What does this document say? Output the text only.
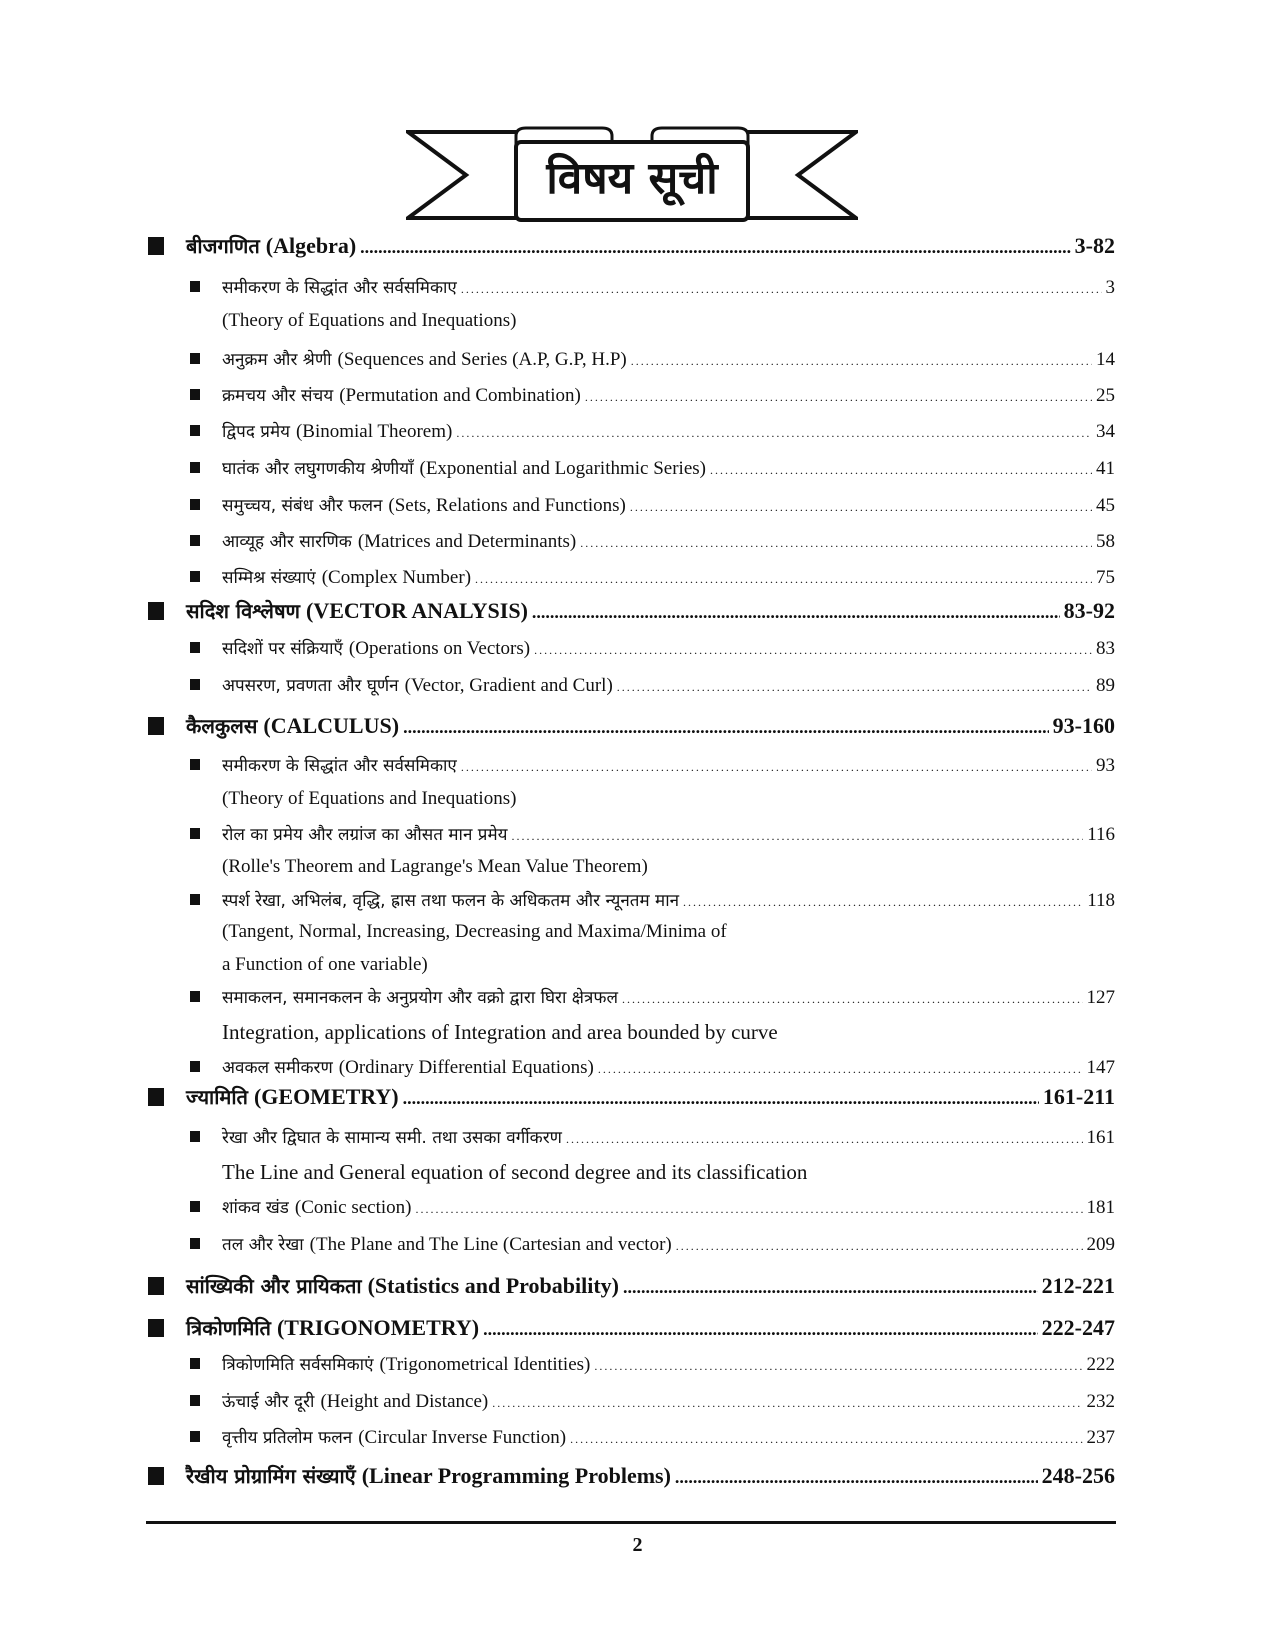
विषय सूची
बीजगणित (Algebra) .....	3-82
समीकरण के सिद्धांत और सर्वसमिकाए .....	3
(Theory of Equations and Inequations)
अनुक्रम और श्रेणी (Sequences and Series (A.P, G.P, H.P) .....	14
क्रमचय और संचय (Permutation and Combination) .....	25
द्विपद प्रमेय (Binomial Theorem) .....	34
घातंक और लघुगणकीय श्रेणीयाँ (Exponential and Logarithmic Series) .....	41
समुच्चय, संबंध और फलन (Sets, Relations and Functions) .....	45
आव्यूह और सारणिक (Matrices and Determinants) .....	58
सम्मिश्र संख्याएं (Complex Number) .....	75
सदिश विश्लेषण (VECTOR ANALYSIS) .....	83-92
सदिशों पर संक्रियाएँ (Operations on Vectors) .....	83
अपसरण, प्रवणता और घूर्णन (Vector, Gradient and Curl) .....	89
कैलकुलस (CALCULUS) .....	93-160
समीकरण के सिद्धांत और सर्वसमिकाए .....	93
(Theory of Equations and Inequations)
रोल का प्रमेय और लग्रांज का औसत मान प्रमेय .....	116
(Rolle's Theorem and Lagrange's Mean Value Theorem)
स्पर्श रेखा, अभिलंब, वृद्धि, ह्रास तथा फलन के अधिकतम और न्यूनतम मान .....	118
(Tangent, Normal, Increasing, Decreasing and Maxima/Minima of
a Function of one variable)
समाकलन, समानकलन के अनुप्रयोग और वक्रो द्वारा घिरा क्षेत्रफल .....	127
Integration, applications of Integration and area bounded by curve
अवकल समीकरण (Ordinary Differential Equations) .....	147
ज्यामिति (GEOMETRY) .....	161-211
रेखा और द्विघात के सामान्य समी. तथा उसका वर्गीकरण .....	161
The Line and General equation of second degree and its classification
शांकव खंड (Conic section) .....	181
तल और रेखा (The Plane and The Line (Cartesian and vector) .....	209
सांख्यिकी और प्रायिकता (Statistics and Probability) .....	212-221
त्रिकोणमिति (TRIGONOMETRY) .....	222-247
त्रिकोणमिति सर्वसमिकाएं (Trigonometrical Identities) .....	222
ऊंचाई और दूरी (Height and Distance) .....	232
वृत्तीय प्रतिलोम फलन (Circular Inverse Function) .....	237
रैखीय प्रोग्रामिंग संख्याएँ (Linear Programming Problems) .....	248-256
2
